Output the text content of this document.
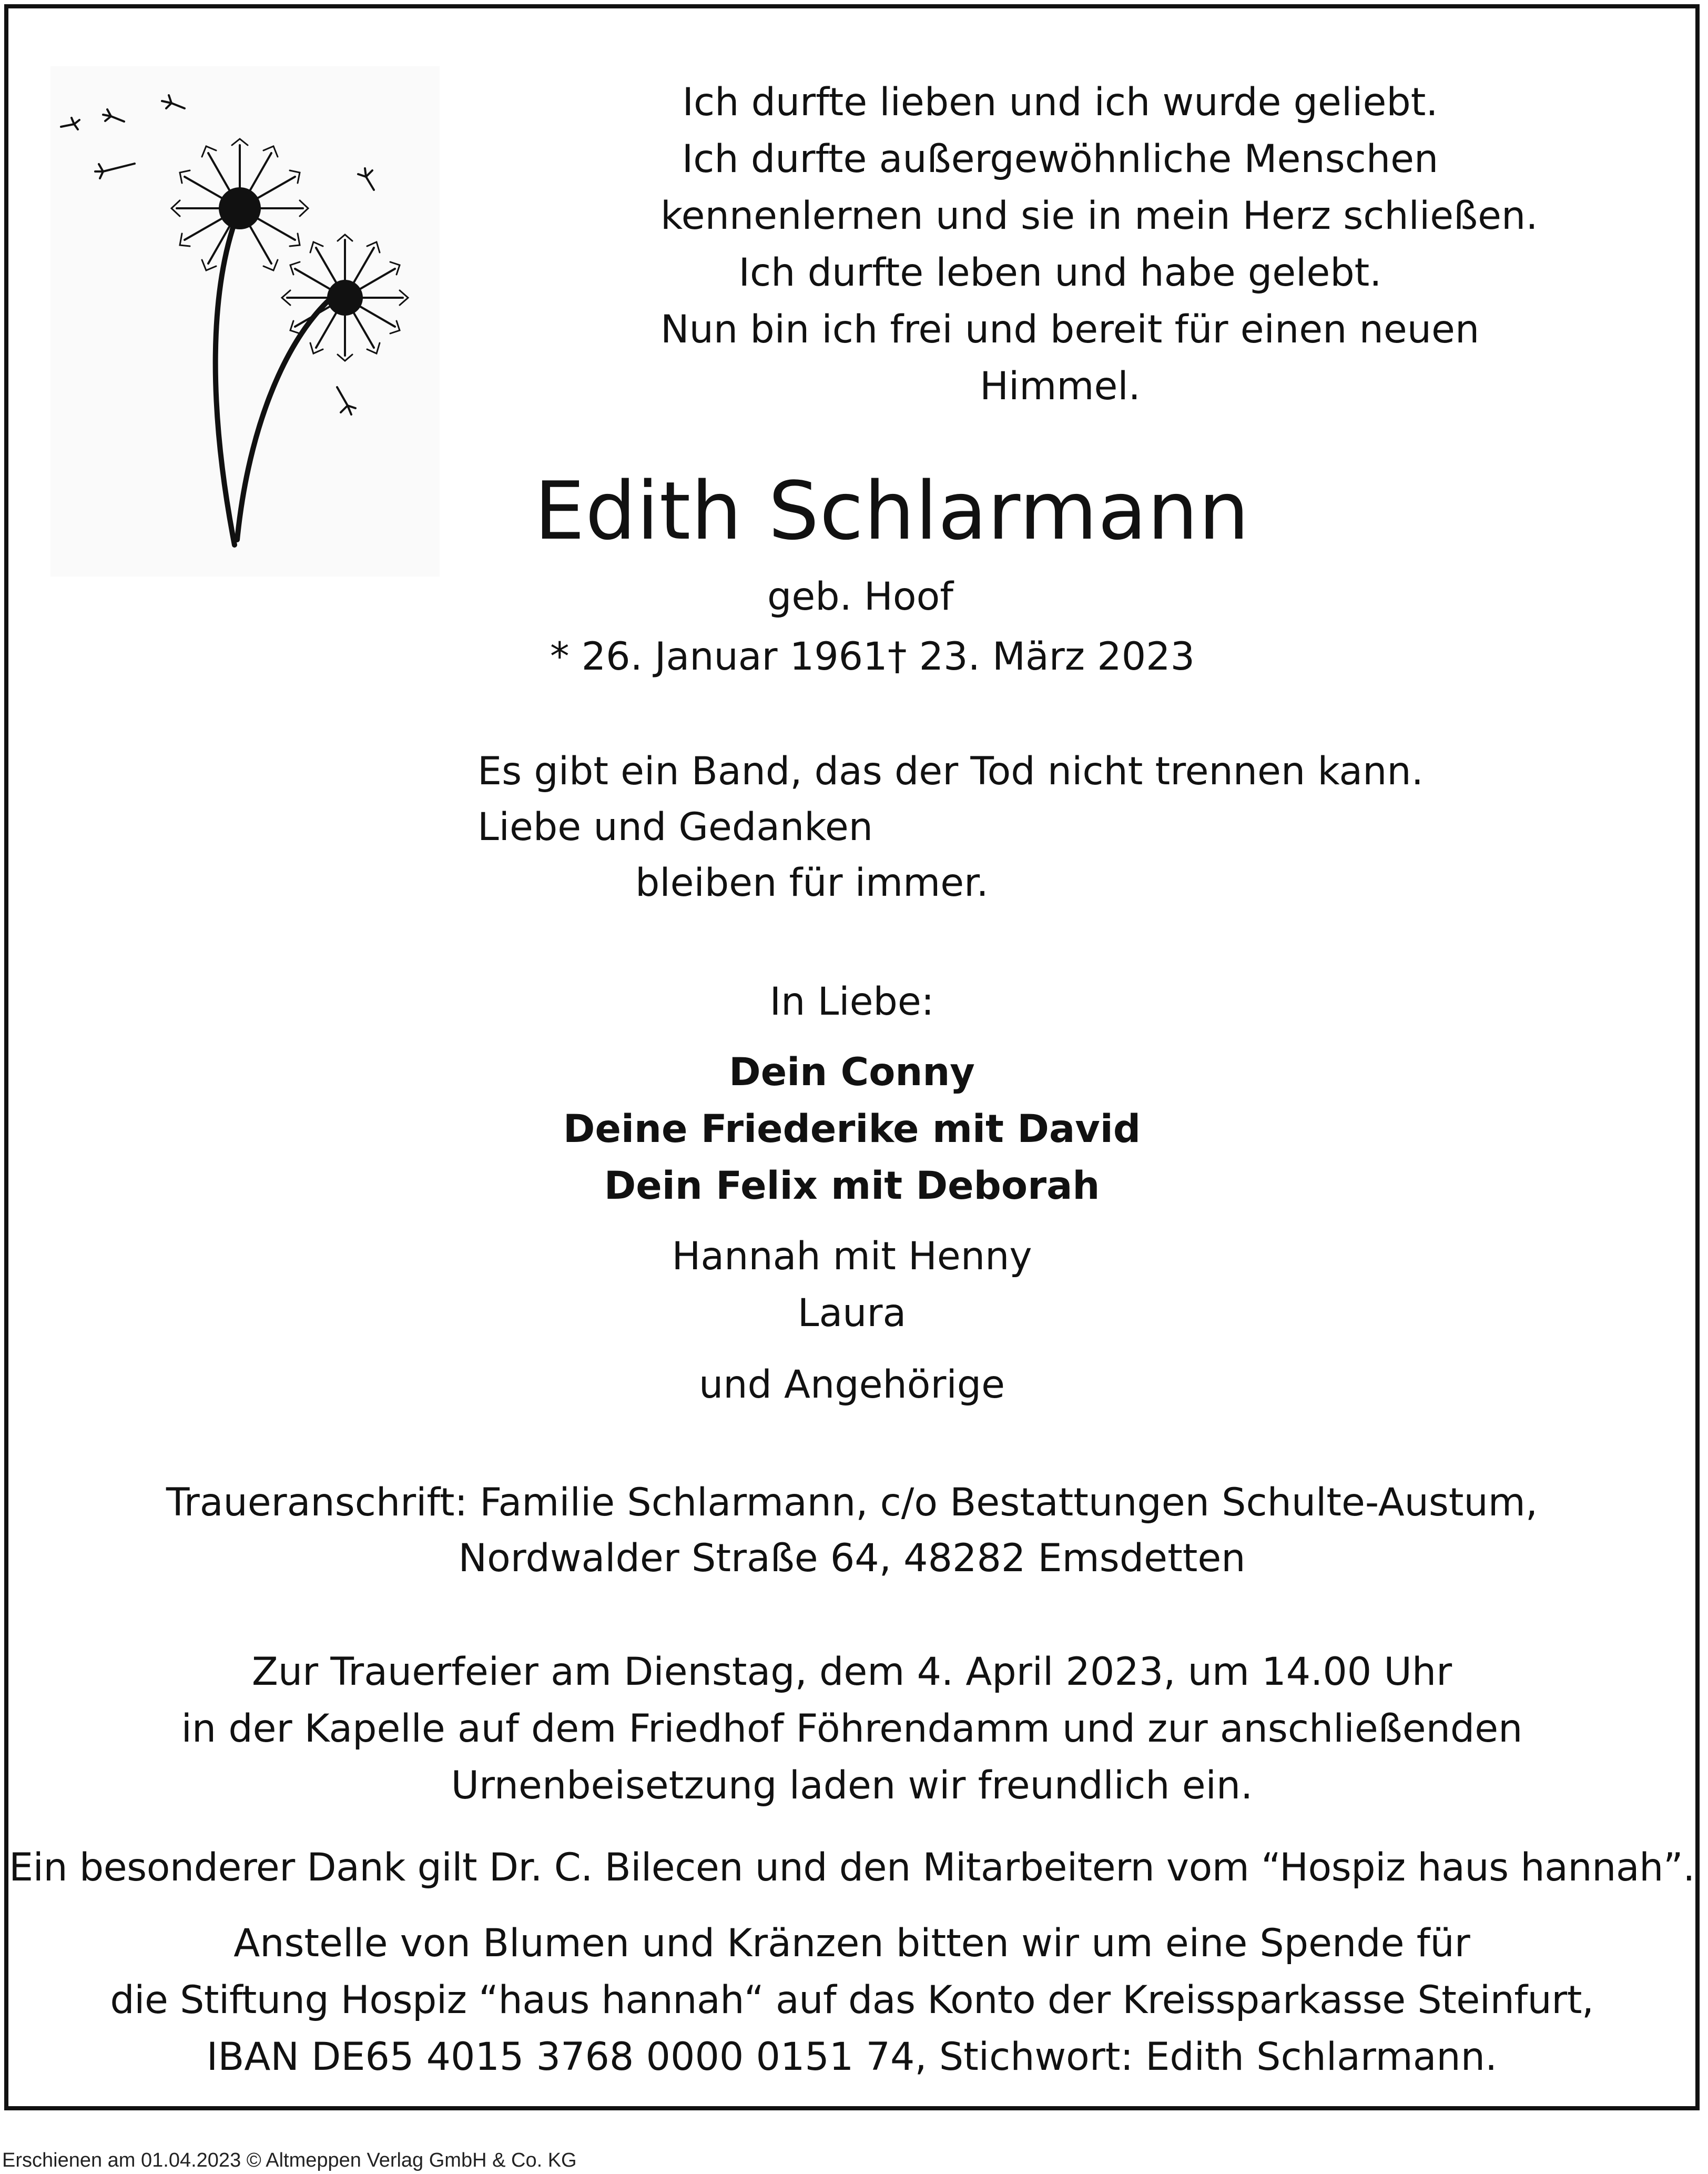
Ich durfte lieben und ich wurde geliebt.
Ich durfte außergewöhnliche Menschen
kennenlernen und sie in mein Herz schließen.
Ich durfte leben und habe gelebt.
Nun bin ich frei und bereit für einen neuen
Himmel.
Edith Schlarmann
geb. Hoof
* 26. Januar 1961 † 23. März 2023
Es gibt ein Band, das der Tod nicht trennen kann.
Liebe und Gedanken
bleiben für immer.
In Liebe:
Dein Conny
Deine Friederike mit David
Dein Felix mit Deborah
Hannah mit Henny
Laura
und Angehörige
Traueranschrift: Familie Schlarmann, c/o Bestattungen Schulte-Austum,
Nordwalder Straße 64, 48282 Emsdetten
Zur Trauerfeier am Dienstag, dem 4. April 2023, um 14.00 Uhr
in der Kapelle auf dem Friedhof Föhrendamm und zur anschließenden
Urnenbeisetzung laden wir freundlich ein.
Ein besonderer Dank gilt Dr. C. Bilecen und den Mitarbeitern vom “Hospiz haus hannah”.
Anstelle von Blumen und Kränzen bitten wir um eine Spende für
die Stiftung Hospiz “haus hannah“ auf das Konto der Kreissparkasse Steinfurt,
IBAN DE65 4015 3768 0000 0151 74, Stichwort: Edith Schlarmann.
Erschienen am 01.04.2023 © Altmeppen Verlag GmbH & Co. KG
